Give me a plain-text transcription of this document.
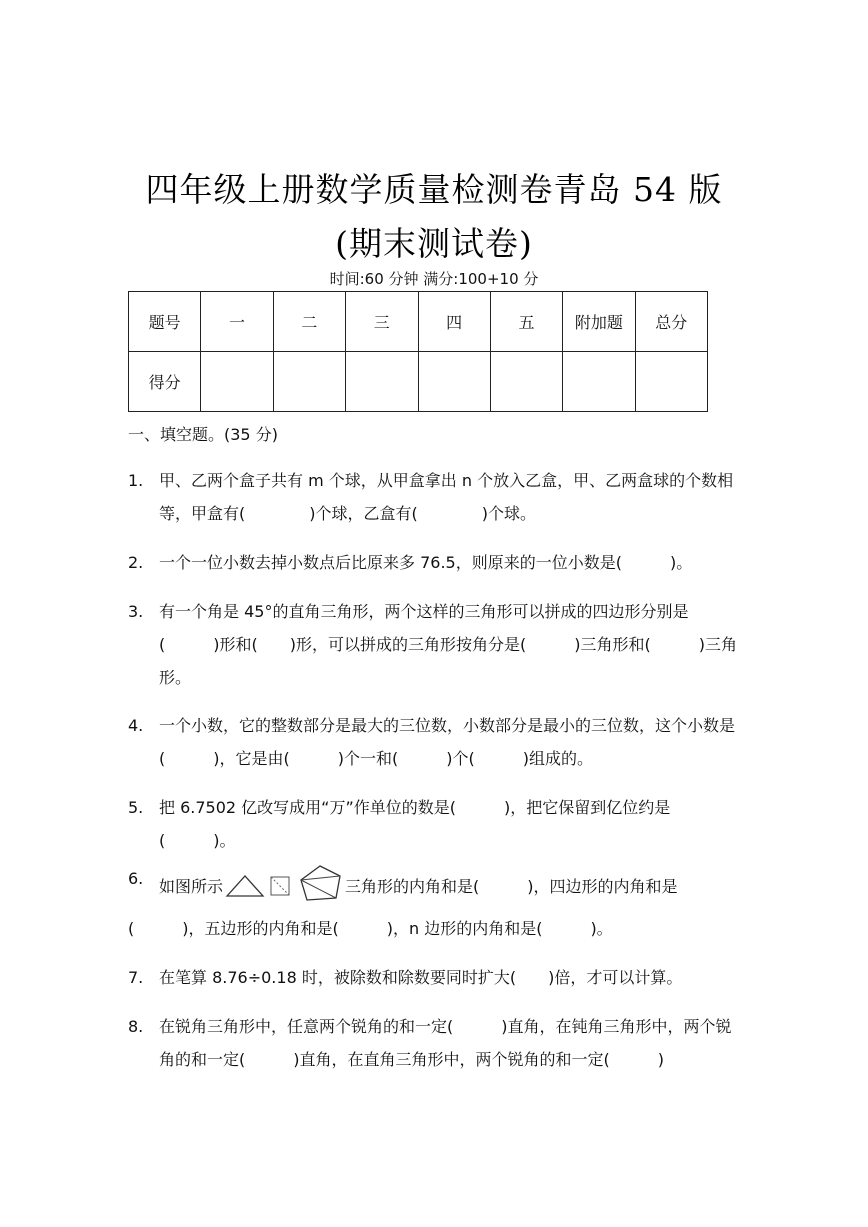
四年级上册数学质量检测卷青岛 54 版
(期末测试卷)
时间:60 分钟 满分:100+10 分
题号	一	二	三	四	五	附加题	总分
得分							
一、填空题。(35 分)
1. 甲、乙两个盒子共有 m 个球，从甲盒拿出 n 个放入乙盒，甲、乙两盒球的个数相等，甲盒有(　　　　)个球，乙盒有(　　　　)个球。
2. 一个一位小数去掉小数点后比原来多 76.5，则原来的一位小数是(　　　)。
3. 有一个角是 45°的直角三角形，两个这样的三角形可以拼成的四边形分别是(　　　)形和(　　)形，可以拼成的三角形按角分是(　　　)三角形和(　　　)三角形。
4. 一个小数，它的整数部分是最大的三位数，小数部分是最小的三位数，这个小数是(　　　)，它是由(　　　)个一和(　　　)个(　　　)组成的。
5. 把 6.7502 亿改写成用“万”作单位的数是(　　　)，把它保留到亿位约是(　　　)。
6. 如图所示	三角形的内角和是(　　　)，四边形的内角和是
(　　　)，五边形的内角和是(　　　)，n 边形的内角和是(　　　)。
7. 在笔算 8.76÷0.18 时，被除数和除数要同时扩大(　　)倍，才可以计算。
8. 在锐角三角形中，任意两个锐角的和一定(　　　)直角，在钝角三角形中，两个锐角的和一定(　　　)直角，在直角三角形中，两个锐角的和一定(　　　)
